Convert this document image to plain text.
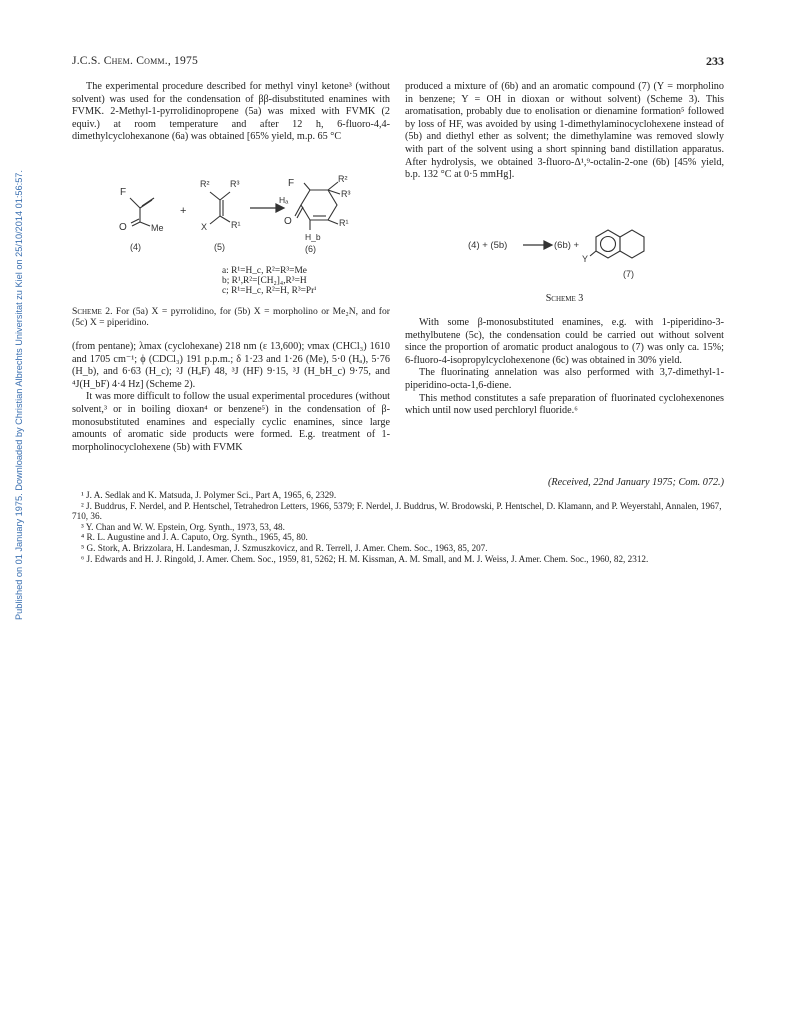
Published on 01 January 1975. Downloaded by Christian Albrechts Universitat zu Kiel on 25/10/2014 01:56:57.
J.C.S. Chem. Comm., 1975	233

The experimental procedure described for methyl vinyl ketone³ (without solvent) was used for the condensation of ββ-disubstituted enamines with FVMK. 2-Methyl-1-pyrrolidinopropene (5a) was mixed with FVMK (2 equiv.) at room temperature and after 12 h, 6-fluoro-4,4-dimethylcyclohexanone (6a) was obtained [65% yield, m.p. 65 °C

F
O	Me
(4)
+
R² R³
X	R¹
(5)
F
Hₐ
O
R²
R³
R¹
H_b
(6)
a: R¹=H_c, R²=R³=Me
b; R¹,R²=[CH₂]₄,R³=H
c; R¹=H_c, R²=H, R³=Prⁱ
Scheme 2. For (5a) X = pyrrolidino, for (5b) X = morpholino or Me₂N, and for (5c) X = piperidino.

(from pentane); λmax (cyclohexane) 218 nm (ε 13,600); νmax (CHCl₃) 1610 and 1705 cm⁻¹; ϕ (CDCl₃) 191 p.p.m.; δ 1·23 and 1·26 (Me), 5·0 (Hₐ), 5·76 (H_b), and 6·63 (H_c); ²J (HₐF) 48, ³J (HF) 9·15, ³J (H_bH_c) 9·75, and ⁴J(H_bF) 4·4 Hz] (Scheme 2).

It was more difficult to follow the usual experimental procedures (without solvent,³ or in boiling dioxan⁴ or benzene⁵) in the condensation of β-monosubstituted enamines and especially cyclic enamines, since large amounts of aromatic side products were formed. E.g. treatment of 1-morpholinocyclohexene (5b) with FVMK

produced a mixture of (6b) and an aromatic compound (7) (Y = morpholino in benzene; Y = OH in dioxan or without solvent) (Scheme 3). This aromatisation, probably due to enolisation or dienamine formation⁵ followed by loss of HF, was avoided by using 1-dimethylaminocyclohexene instead of (5b) and diethyl ether as solvent; the dimethylamine was removed slowly with part of the solvent using a short spinning band distillation apparatus. After hydrolysis, we obtained 3-fluoro-Δ¹,⁹-octalin-2-one (6b) [45% yield, b.p. 132 °C at 0·5 mmHg].

(4) + (5b)	(6b) +
Y
(7)
Scheme 3

With some β-monosubstituted enamines, e.g. with 1-piperidino-3-methylbutene (5c), the condensation could be carried out without solvent since the proportion of aromatic product analogous to (7) was only ca. 15%; 6-fluoro-4-isopropylcyclohexenone (6c) was obtained in 30% yield.

The fluorinating annelation was also performed with 3,7-dimethyl-1-piperidino-octa-1,6-diene.

This method constitutes a safe preparation of fluorinated cyclohexenones which until now used perchloryl fluoride.⁶

(Received, 22nd January 1975; Com. 072.)
¹ J. A. Sedlak and K. Matsuda, J. Polymer Sci., Part A, 1965, 6, 2329.
² J. Buddrus, F. Nerdel, and P. Hentschel, Tetrahedron Letters, 1966, 5379; F. Nerdel, J. Buddrus, W. Brodowski, P. Hentschel, D. Klamann, and P. Weyerstahl, Annalen, 1967, 710, 36.
³ Y. Chan and W. W. Epstein, Org. Synth., 1973, 53, 48.
⁴ R. L. Augustine and J. A. Caputo, Org. Synth., 1965, 45, 80.
⁵ G. Stork, A. Brizzolara, H. Landesman, J. Szmuszkovicz, and R. Terrell, J. Amer. Chem. Soc., 1963, 85, 207.
⁶ J. Edwards and H. J. Ringold, J. Amer. Chem. Soc., 1959, 81, 5262; H. M. Kissman, A. M. Small, and M. J. Weiss, J. Amer. Chem. Soc., 1960, 82, 2312.
